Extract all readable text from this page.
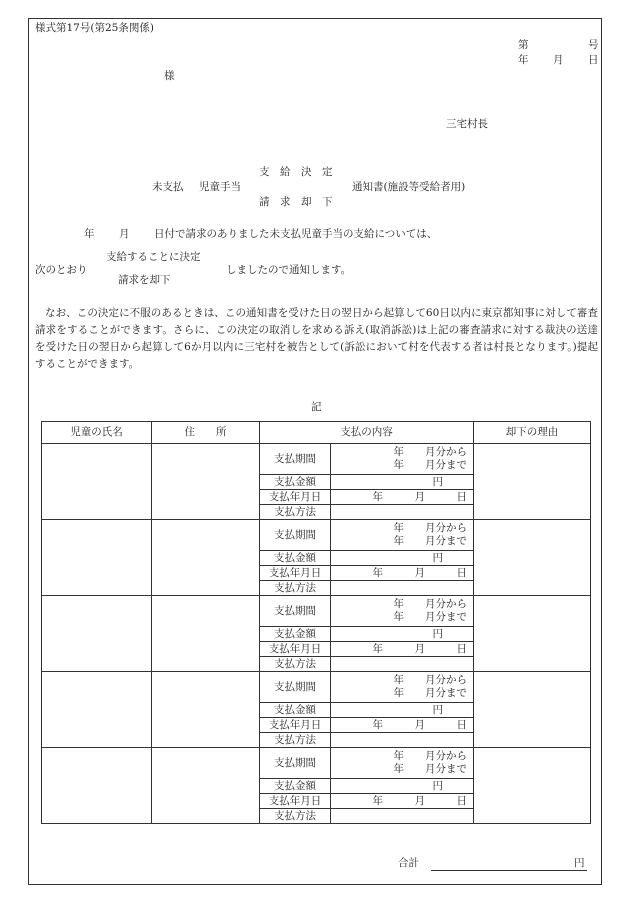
様式第17号(第25条関係)
第	号
年 月 日
様
三宅村長
未支払 児童手当
支　給　決　定
請　求　却　下
通知書(施設等受給者用)
年 月 日付で請求のありました未支払児童手当の支給については、
次のとおり
支給することに決定
請求を却下
しましたので通知します。
なお、この決定に不服のあるときは、この通知書を受けた日の翌日から起算して60日以内に東京都知事に対して審査請求をすることができます。さらに、この決定の取消しを求める訴え(取消訴訟)は上記の審査請求に対する裁決の送達を受けた日の翌日から起算して6か月以内に三宅村を被告として(訴訟において村を代表する者は村長となります。)提起することができます。
記
児童の氏名	住　　所	支払の内容		却下の理由
		支払期間	年　　月分から
年　　月分まで	

		支払金額	円	
		支払年月日	年　　　月　　　日	
		支払方法		
		支払期間	年　　月分から
年　　月分まで	

		支払金額	円	
		支払年月日	年　　　月　　　日	
		支払方法		
		支払期間	年　　月分から
年　　月分まで	

		支払金額	円	
		支払年月日	年　　　月　　　日	
		支払方法		
		支払期間	年　　月分から
年　　月分まで	

		支払金額	円	
		支払年月日	年　　　月　　　日	
		支払方法		
		支払期間	年　　月分から
年　　月分まで	

		支払金額	円	
		支払年月日	年　　　月　　　日	
		支払方法		
合計	円
